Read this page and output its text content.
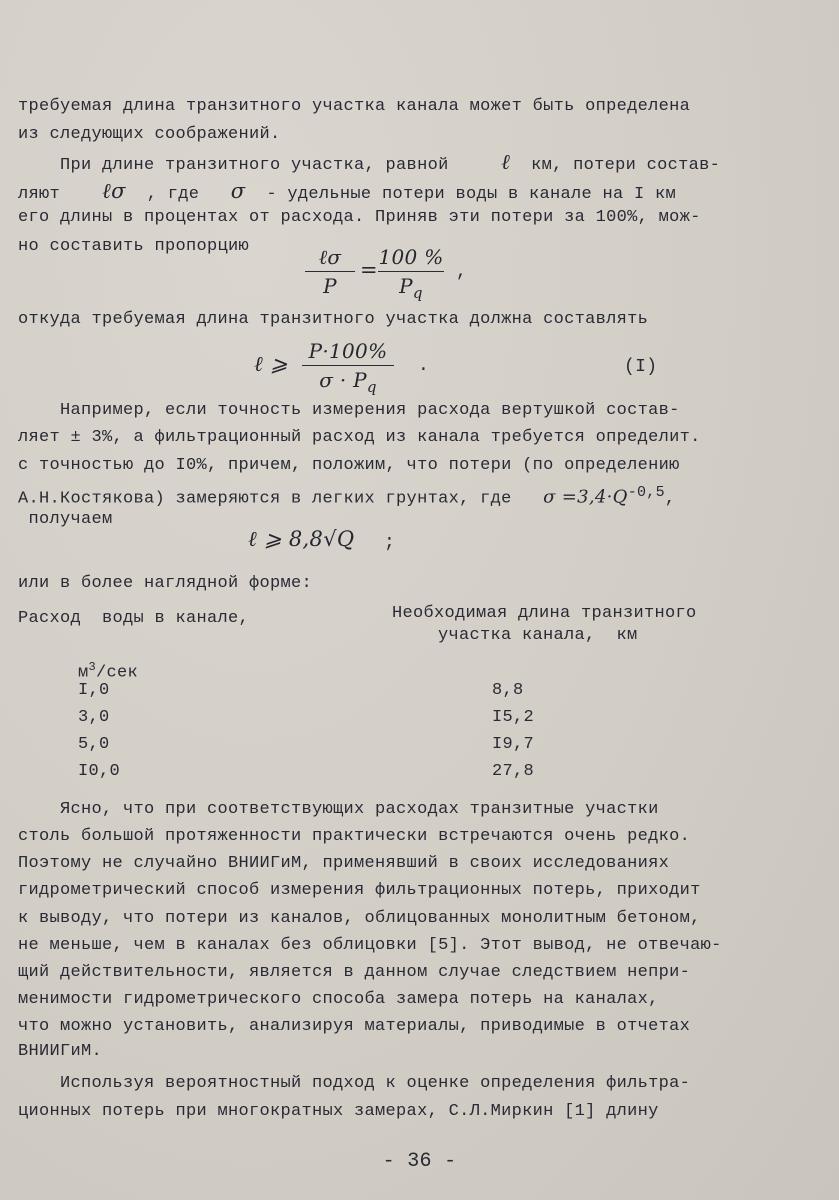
требуемая длина транзитного участка канала может быть определена
из следующих соображений.
При длине транзитного участка, равной	ℓ км, потери состав-
ляют ℓσ , где σ - удельные потери воды в канале на I км
его длины в процентах от расхода. Приняв эти потери за 100%, мож-
но составить пропорцию	ℓσ
P
=
100 %
$P_q$
,
откуда требуемая длина транзитного участка должна составлять
ℓ ⩾
P·100%
$\sigma \cdot P_q$
.	(I)
Например, если точность измерения расхода вертушкой состав-
ляет ± 3%, а фильтрационный расход из канала требуется определит.
с точностью до I0%, причем, положим, что потери (по определению
А.Н.Костякова) замеряются в легких грунтах, где $\sigma =3,4\cdot Q^{-0,5}$,
получаем
ℓ ⩾ 8,8√Q ;
или в более наглядной форме:
Расход  воды в канале,	Необходимая длина транзитного
участка канала,  км
$м^3$/сек
I,0	8,8
3,0	I5,2
5,0	I9,7
I0,0	27,8
Ясно, что при соответствующих расходах транзитные участки
столь большой протяженности практически встречаются очень редко.
Поэтому не случайно ВНИИГиМ, применявший в своих исследованиях
гидрометрический способ измерения фильтрационных потерь, приходит
к выводу, что потери из каналов, облицованных монолитным бетоном,
не меньше, чем в каналах без облицовки [5]. Этот вывод, не отвечаю-
щий действительности, является в данном случае следствием непри-
менимости гидрометрического способа замера потерь на каналах,
что можно установить, анализируя материалы, приводимые в отчетах
ВНИИГиМ.
Используя вероятностный подход к оценке определения фильтра-
ционных потерь при многократных замерах, С.Л.Миркин [1] длину
- 36 -
